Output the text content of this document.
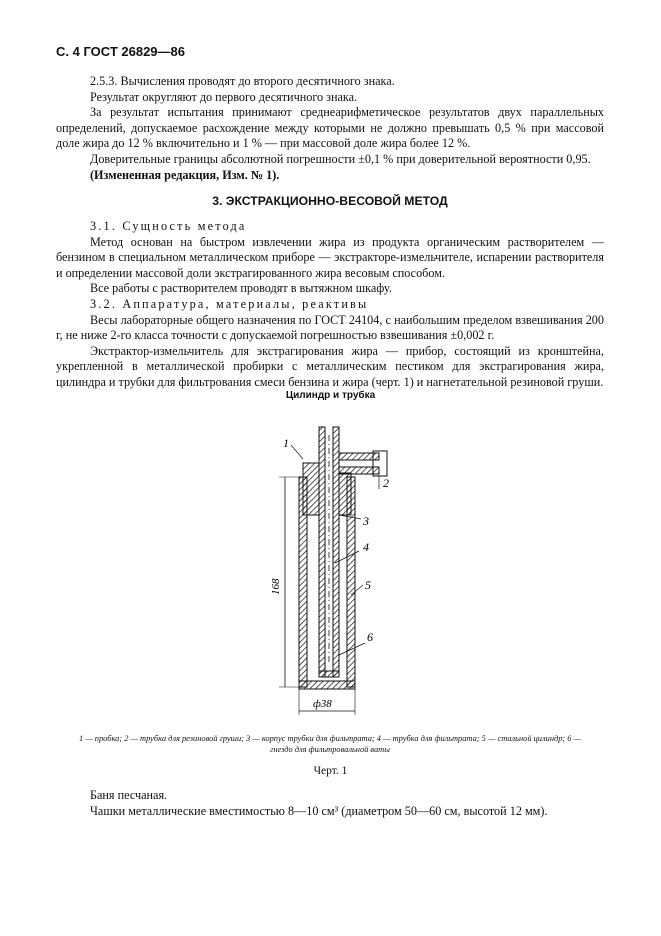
С. 4 ГОСТ 26829—86

2.5.3. Вычисления проводят до второго десятичного знака.

Результат округляют до первого десятичного знака.

За результат испытания принимают среднеарифметическое результатов двух параллельных определений, допускаемое расхождение между которыми не должно превышать 0,5 % при массовой доле жира до 12 % включительно и 1 % — при массовой доле жира более 12 %.

Доверительные границы абсолютной погрешности ±0,1 % при доверительной вероятности 0,95.

(Измененная редакция, Изм. № 1).

3. ЭКСТРАКЦИОННО-ВЕСОВОЙ МЕТОД

3.1. Сущность метода

Метод основан на быстром извлечении жира из продукта органическим растворителем — бензином в специальном металлическом приборе — экстракторе-измельчителе, испарении растворителя и определении массовой доли экстрагированного жира весовым способом.

Все работы с растворителем проводят в вытяжном шкафу.

3.2. Аппаратура, материалы, реактивы

Весы лабораторные общего назначения по ГОСТ 24104, с наибольшим пределом взвешивания 200 г, не ниже 2-го класса точности с допускаемой погрешностью взвешивания ±0,002 г.

Экстрактор-измельчитель для экстрагирования жира — прибор, состоящий из кронштейна, укрепленной в металлической пробирки с металлическим пестиком для экстрагирования жира, цилиндра и трубки для фильтрования смеси бензина и жира (черт. 1) и нагнетательной резиновой груши.

Цилиндр и трубка
168
ф38
1
2
3
4
5
6
1 — пробка; 2 — трубка для резиновой груши; 3 — корпус трубки для фильтрата; 4 — трубка для фильтрата; 5 — стальной цилиндр; 6 — гнездо для фильтровальной ваты
Черт. 1

Баня песчаная.

Чашки металлические вместимостью 8—10 см³ (диаметром 50—60 см, высотой 12 мм).
